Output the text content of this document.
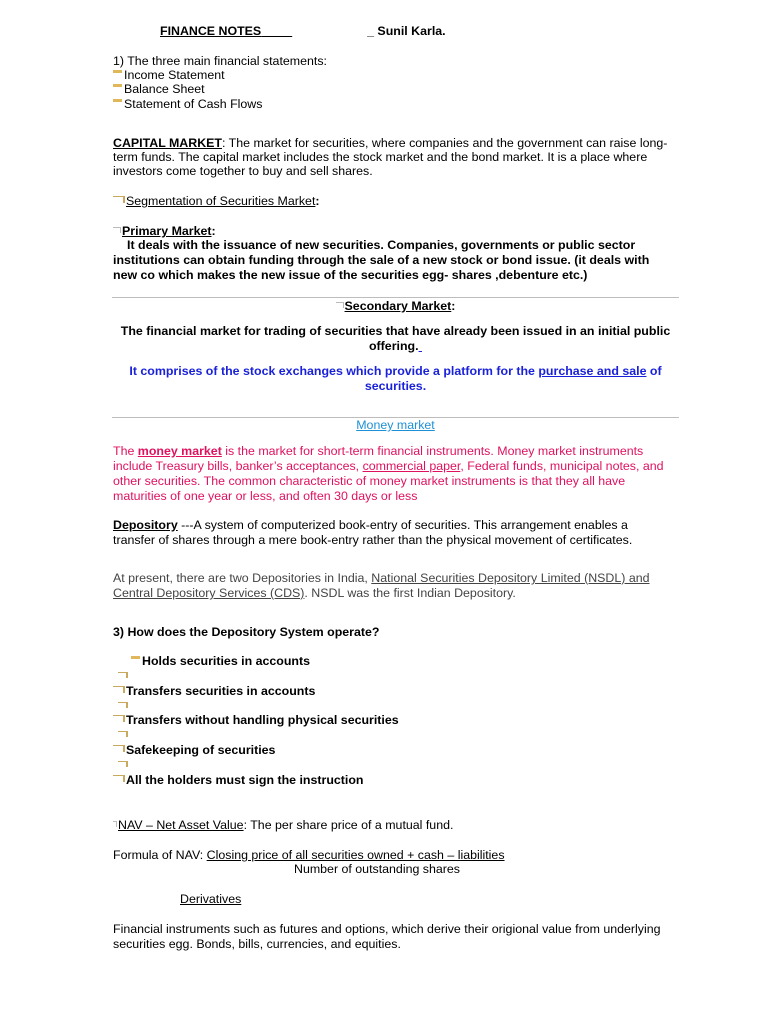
FINANCE NOTES	_ Sunil Karla.
1) The three main financial statements:
Income Statement
Balance Sheet
Statement of Cash Flows
CAPITAL MARKET: The market for securities, where companies and the government can raise long-
term funds. The capital market includes the stock market and the bond market. It is a place where
investors come together to buy and sell shares.
Segmentation of Securities Market:
Primary Market:
It deals with the issuance of new securities. Companies, governments or public sector
institutions can obtain funding through the sale of a new stock or bond issue. (it deals with
new co which makes the new issue of the securities egg- shares ,debenture etc.)
Secondary Market:
The financial market for trading of securities that have already been issued in an initial public
offering.
It comprises of the stock exchanges which provide a platform for the purchase and sale of
securities.
Money market
The money market is the market for short-term financial instruments. Money market instruments
include Treasury bills, banker’s acceptances, commercial paper, Federal funds, municipal notes, and
other securities. The common characteristic of money market instruments is that they all have
maturities of one year or less, and often 30 days or less
Depository ---A system of computerized book-entry of securities. This arrangement enables a
transfer of shares through a mere book-entry rather than the physical movement of certificates.
At present, there are two Depositories in India, National Securities Depository Limited (NSDL) and
Central Depository Services (CDS). NSDL was the first Indian Depository.
3) How does the Depository System operate?
Holds securities in accounts
Transfers securities in accounts
Transfers without handling physical securities
Safekeeping of securities
All the holders must sign the instruction
NAV – Net Asset Value: The per share price of a mutual fund.
Formula of NAV: Closing price of all securities owned + cash – liabilities
Number of outstanding shares
Derivatives
Financial instruments such as futures and options, which derive their origional value from underlying
securities egg. Bonds, bills, currencies, and equities.
